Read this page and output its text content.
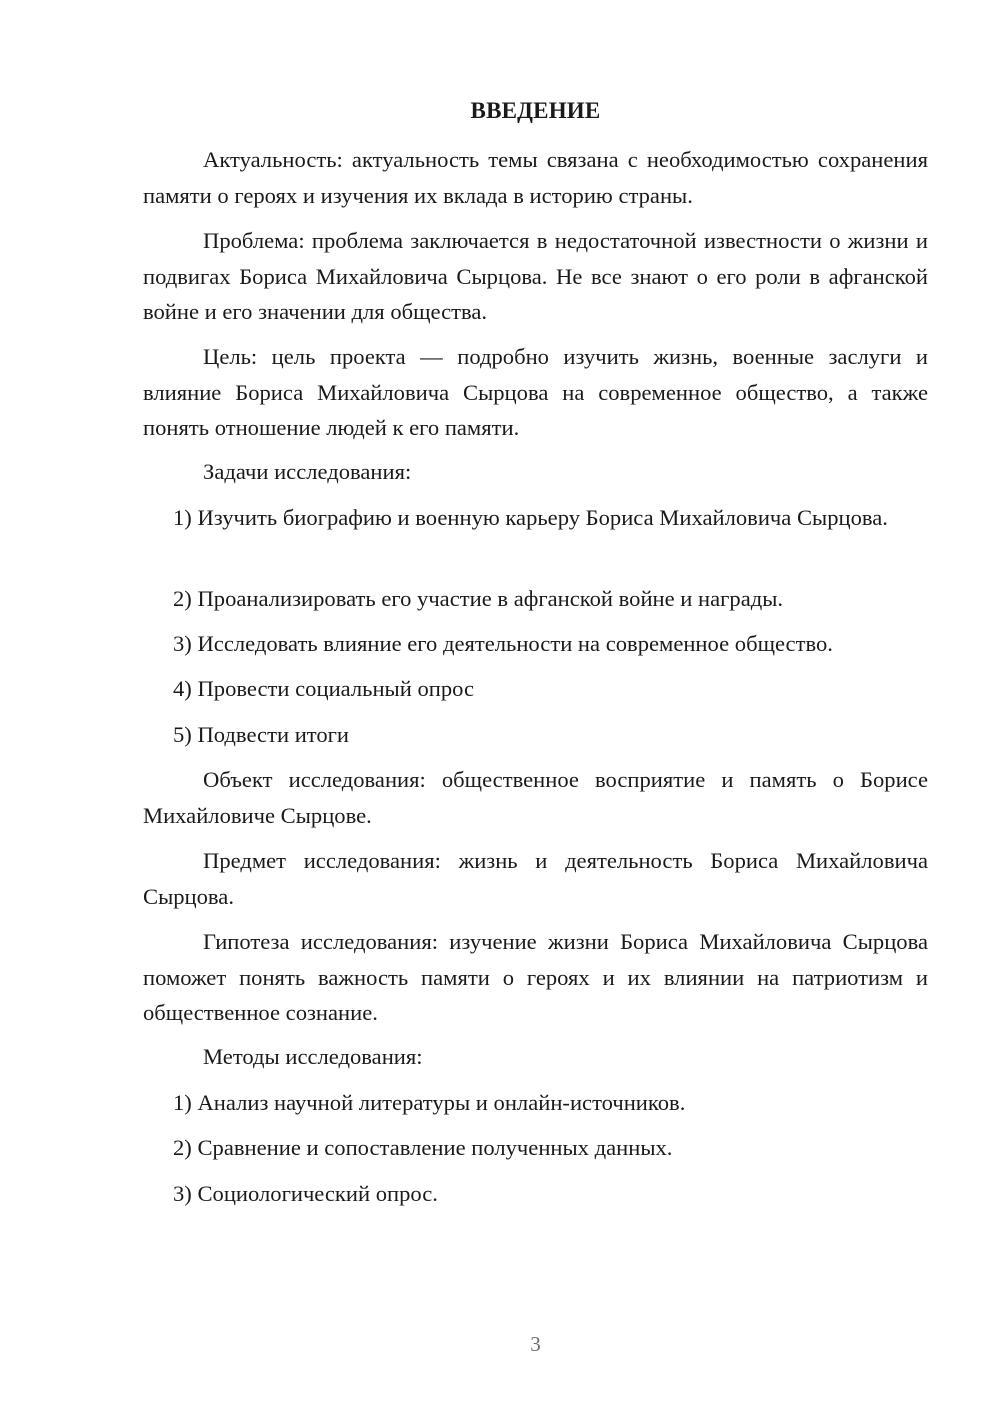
ВВЕДЕНИЕ

Актуальность: актуальность темы связана с необходимостью сохранения памяти о героях и изучения их вклада в историю страны.

Проблема: проблема заключается в недостаточной известности о жизни и подвигах Бориса Михайловича Сырцова. Не все знают о его роли в афганской войне и его значении для общества.

Цель: цель проекта — подробно изучить жизнь, военные заслуги и влияние Бориса Михайловича Сырцова на современное общество, а также понять отношение людей к его памяти.

Задачи исследования:

1) Изучить биографию и военную карьеру Бориса Михайловича Сырцова.

2) Проанализировать его участие в афганской войне и награды.

3) Исследовать влияние его деятельности на современное общество.

4) Провести социальный опрос

5) Подвести итоги

Объект исследования: общественное восприятие и память о Борисе Михайловиче Сырцове.

Предмет исследования: жизнь и деятельность Бориса Михайловича Сырцова.

Гипотеза исследования: изучение жизни Бориса Михайловича Сырцова поможет понять важность памяти о героях и их влиянии на патриотизм и общественное сознание.

Методы исследования:

1) Анализ научной литературы и онлайн-источников.

2) Сравнение и сопоставление полученных данных.

3) Социологический опрос.

3
